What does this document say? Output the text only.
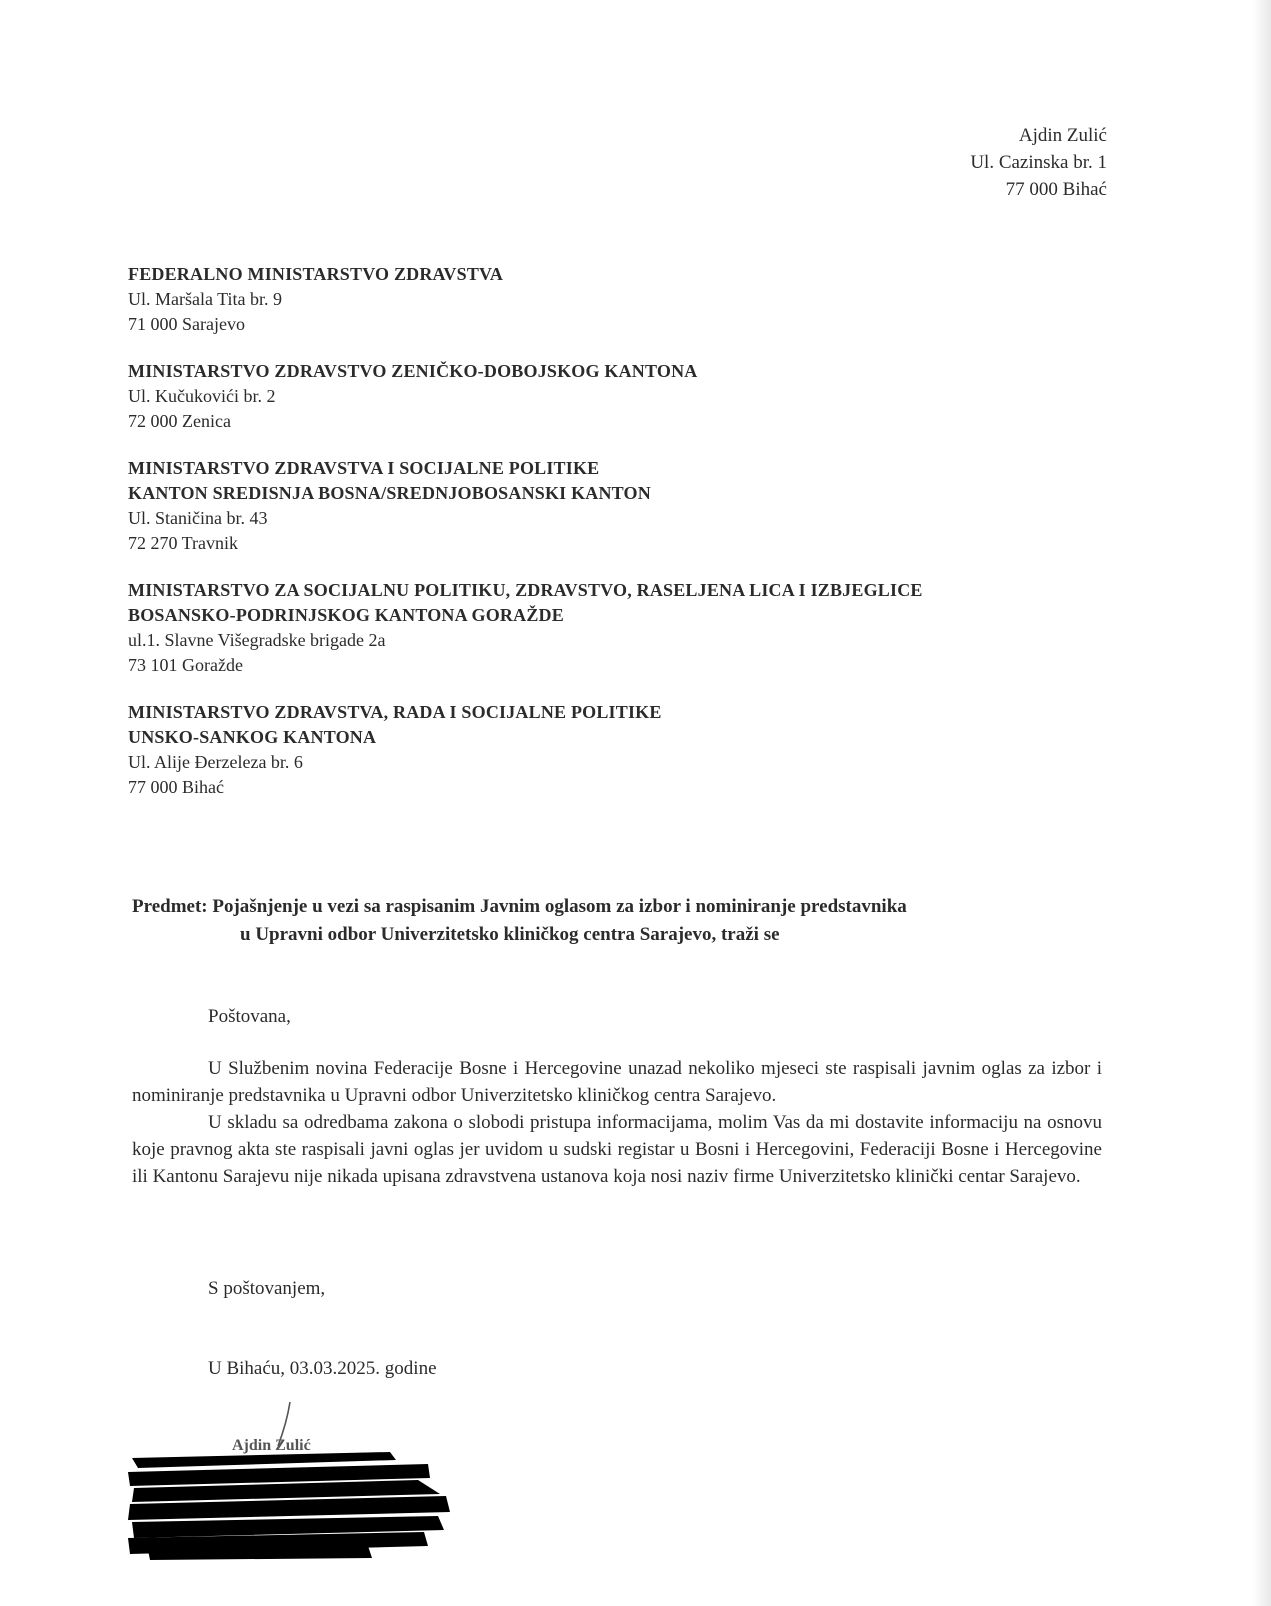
Ajdin Zulić
Ul. Cazinska br. 1
77 000 Bihać
FEDERALNO MINISTARSTVO ZDRAVSTVA
Ul. Maršala Tita br. 9
71 000 Sarajevo
MINISTARSTVO ZDRAVSTVO ZENIČKO-DOBOJSKOG KANTONA
Ul. Kučukovići br. 2
72 000 Zenica
MINISTARSTVO ZDRAVSTVA I SOCIJALNE POLITIKE
KANTON SREDISNJA BOSNA/SREDNJOBOSANSKI KANTON
Ul. Staničina br. 43
72 270 Travnik
MINISTARSTVO ZA SOCIJALNU POLITIKU, ZDRAVSTVO, RASELJENA LICA I IZBJEGLICE
BOSANSKO-PODRINJSKOG KANTONA GORAŽDE
ul.1. Slavne Višegradske brigade 2a
73 101 Goražde
MINISTARSTVO ZDRAVSTVA, RADA I SOCIJALNE POLITIKE
UNSKO-SANKOG KANTONA
Ul. Alije Đerzeleza br. 6
77 000 Bihać
Predmet: Pojašnjenje u vezi sa raspisanim Javnim oglasom za izbor i nominiranje predstavnika
u Upravni odbor Univerzitetsko kliničkog centra Sarajevo, traži se
Poštovana,

U Službenim novina Federacije Bosne i Hercegovine unazad nekoliko mjeseci ste raspisali javnim oglas za izbor i nominiranje predstavnika u Upravni odbor Univerzitetsko kliničkog centra Sarajevo.

U skladu sa odredbama zakona o slobodi pristupa informacijama, molim Vas da mi dostavite informaciju na osnovu koje pravnog akta ste raspisali javni oglas jer uvidom u sudski registar u Bosni i Hercegovini, Federaciji Bosne i Hercegovine ili Kantonu Sarajevu nije nikada upisana zdravstvena ustanova koja nosi naziv firme Univerzitetsko klinički centar Sarajevo.

S poštovanjem,
U Bihaću, 03.03.2025. godine
Ajdin Zulić
